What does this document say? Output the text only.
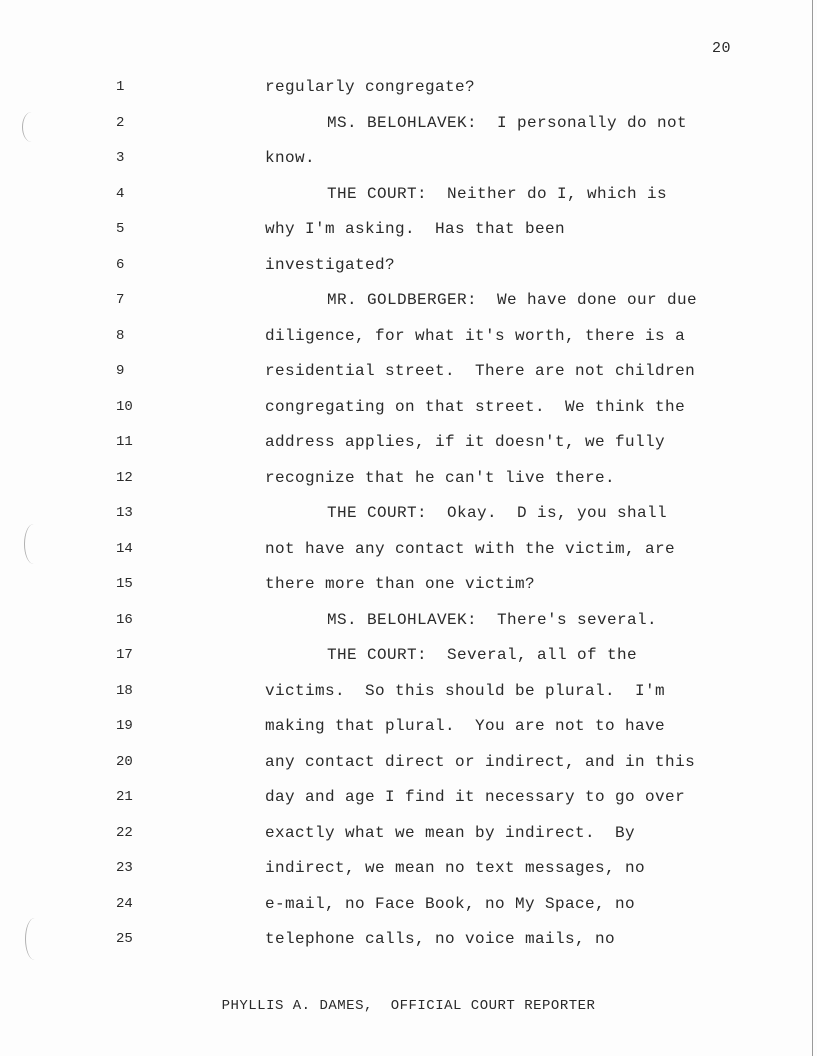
20
1	regularly congregate?
2	MS. BELOHLAVEK:  I personally do not
3	know.
4	THE COURT:  Neither do I, which is
5	why I'm asking.  Has that been
6	investigated?
7	MR. GOLDBERGER:  We have done our due
8	diligence, for what it's worth, there is a
9	residential street.  There are not children
10	congregating on that street.  We think the
11	address applies, if it doesn't, we fully
12	recognize that he can't live there.
13	THE COURT:  Okay.  D is, you shall
14	not have any contact with the victim, are
15	there more than one victim?
16	MS. BELOHLAVEK:  There's several.
17	THE COURT:  Several, all of the
18	victims.  So this should be plural.  I'm
19	making that plural.  You are not to have
20	any contact direct or indirect, and in this
21	day and age I find it necessary to go over
22	exactly what we mean by indirect.  By
23	indirect, we mean no text messages, no
24	e-mail, no Face Book, no My Space, no
25	telephone calls, no voice mails, no
PHYLLIS A. DAMES,  OFFICIAL COURT REPORTER
